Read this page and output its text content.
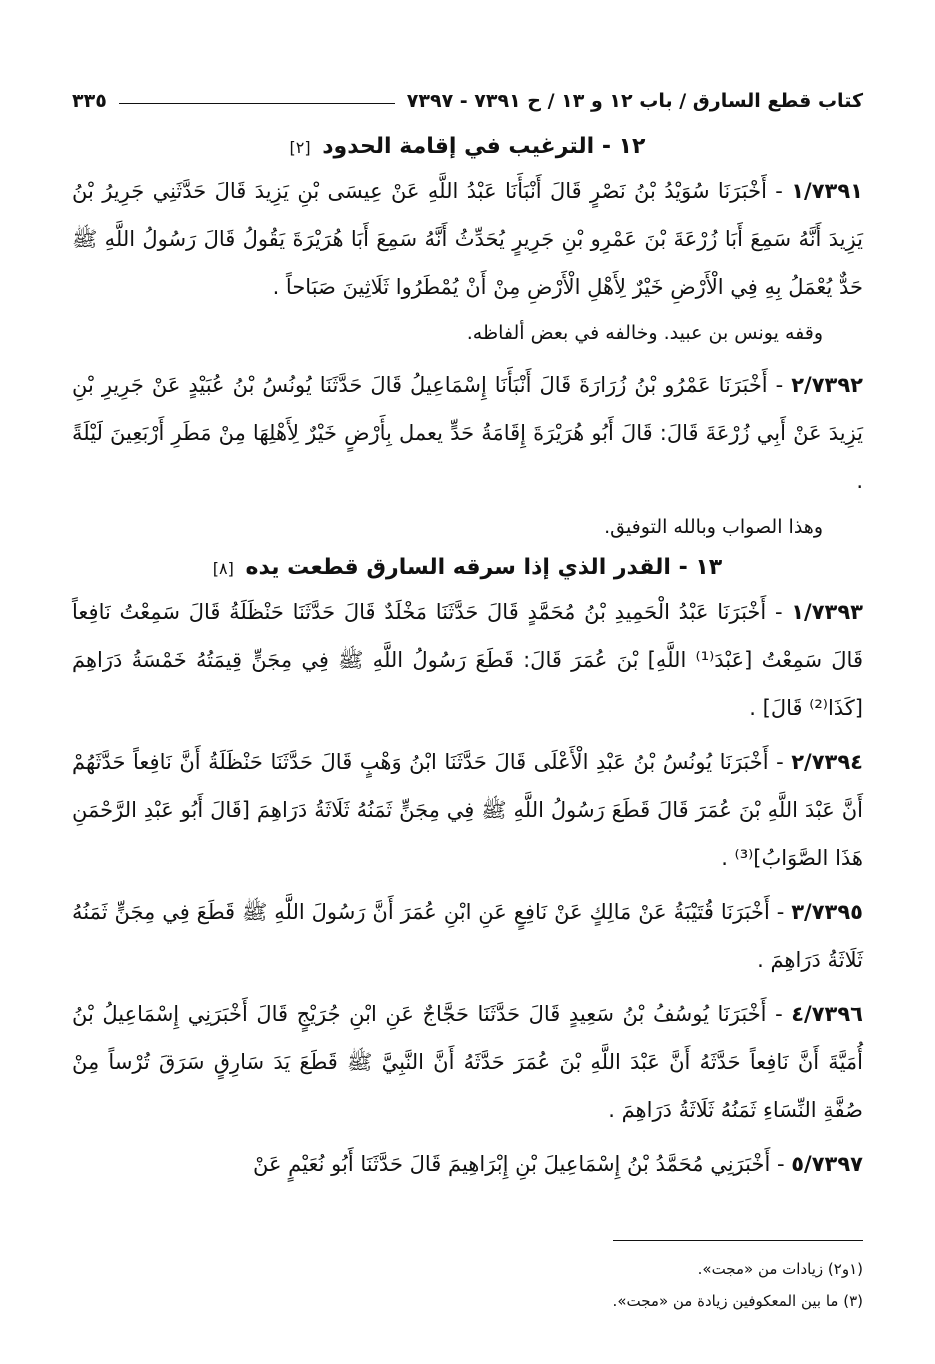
كتاب قطع السارق / باب ١٢ و ١٣ / ح ٧٣٩١ - ٧٣٩٧
٣٣٥
١٢ - الترغيب في إقامة الحدود [٢]

١/٧٣٩١ - أَخْبَرَنَا سُوَيْدُ بْنُ نَصْرٍ قَالَ أَنْبَأَنَا عَبْدُ اللَّهِ عَنْ عِيسَى بْنِ يَزِيدَ قَالَ حَدَّثَنِي جَرِيرُ بْنُ يَزِيدَ أَنَّهُ سَمِعَ أَبَا زُرْعَةَ بْنَ عَمْرِو بْنِ جَرِيرٍ يُحَدِّثُ أَنَّهُ سَمِعَ أَبَا هُرَيْرَةَ يَقُولُ قَالَ رَسُولُ اللَّهِ ﷺ حَدٌّ يُعْمَلُ بِهِ فِي الْأَرْضِ خَيْرٌ لِأَهْلِ الْأَرْضِ مِنْ أَنْ يُمْطَرُوا ثَلَاثِينَ صَبَاحاً .

وقفه يونس بن عبيد. وخالفه في بعض ألفاظه.

٢/٧٣٩٢ - أَخْبَرَنَا عَمْرُو بْنُ زُرَارَةَ قَالَ أَنْبَأَنَا إِسْمَاعِيلُ قَالَ حَدَّثَنَا يُونُسُ بْنُ عُبَيْدٍ عَنْ جَرِيرِ بْنِ يَزِيدَ عَنْ أَبِي زُرْعَةَ قَالَ: قَالَ أَبُو هُرَيْرَةَ إِقَامَةُ حَدٍّ يعمل بِأَرْضٍ خَيْرٌ لِأَهْلِهَا مِنْ مَطَرِ أَرْبَعِينَ لَيْلَةً .

وهذا الصواب وبالله التوفيق.

١٣ - القدر الذي إذا سرقه السارق قطعت يده [٨]

١/٧٣٩٣ - أَخْبَرَنَا عَبْدُ الْحَمِيدِ بْنُ مُحَمَّدٍ قَالَ حَدَّثَنَا مَخْلَدٌ قَالَ حَدَّثَنَا حَنْظَلَةُ قَالَ سَمِعْتُ نَافِعاً قَالَ سَمِعْتُ [عَبْدَ⁽¹⁾ اللَّهِ] بْنَ عُمَرَ قَالَ: قَطَعَ رَسُولُ اللَّهِ ﷺ فِي مِجَنٍّ قِيمَتُهُ خَمْسَةُ دَرَاهِمَ [كَذَا⁽²⁾ قَالَ] .

٢/٧٣٩٤ - أَخْبَرَنَا يُونُسُ بْنُ عَبْدِ الْأَعْلَى قَالَ حَدَّثَنَا ابْنُ وَهْبٍ قَالَ حَدَّثَنَا حَنْظَلَةُ أَنَّ نَافِعاً حَدَّثَهُمْ أَنَّ عَبْدَ اللَّهِ بْنَ عُمَرَ قَالَ قَطَعَ رَسُولُ اللَّهِ ﷺ فِي مِجَنٍّ ثَمَنُهُ ثَلَاثَةُ دَرَاهِمَ [قَالَ أَبُو عَبْدِ الرَّحْمَنِ هَذَا الصَّوَابُ]⁽³⁾ .

٣/٧٣٩٥ - أَخْبَرَنَا قُتَيْبَةُ عَنْ مَالِكٍ عَنْ نَافِعٍ عَنِ ابْنِ عُمَرَ أَنَّ رَسُولَ اللَّهِ ﷺ قَطَعَ فِي مِجَنٍّ ثَمَنُهُ ثَلَاثَةُ دَرَاهِمَ .

٤/٧٣٩٦ - أَخْبَرَنَا يُوسُفُ بْنُ سَعِيدٍ قَالَ حَدَّثَنَا حَجَّاجٌ عَنِ ابْنِ جُرَيْجٍ قَالَ أَخْبَرَنِي إِسْمَاعِيلُ بْنُ أُمَيَّةَ أَنَّ نَافِعاً حَدَّثَهُ أَنَّ عَبْدَ اللَّهِ بْنَ عُمَرَ حَدَّثَهُ أَنَّ النَّبِيَّ ﷺ قَطَعَ يَدَ سَارِقٍ سَرَقَ تُرْساً مِنْ صُفَّةِ النِّسَاءِ ثَمَنُهُ ثَلَاثَةُ دَرَاهِمَ .

٥/٧٣٩٧ - أَخْبَرَنِي مُحَمَّدُ بْنُ إِسْمَاعِيلَ بْنِ إِبْرَاهِيمَ قَالَ حَدَّثَنَا أَبُو نُعَيْمٍ عَنْ

(١و٢) زيادات من «مجت».
(٣) ما بين المعكوفين زيادة من «مجت».
